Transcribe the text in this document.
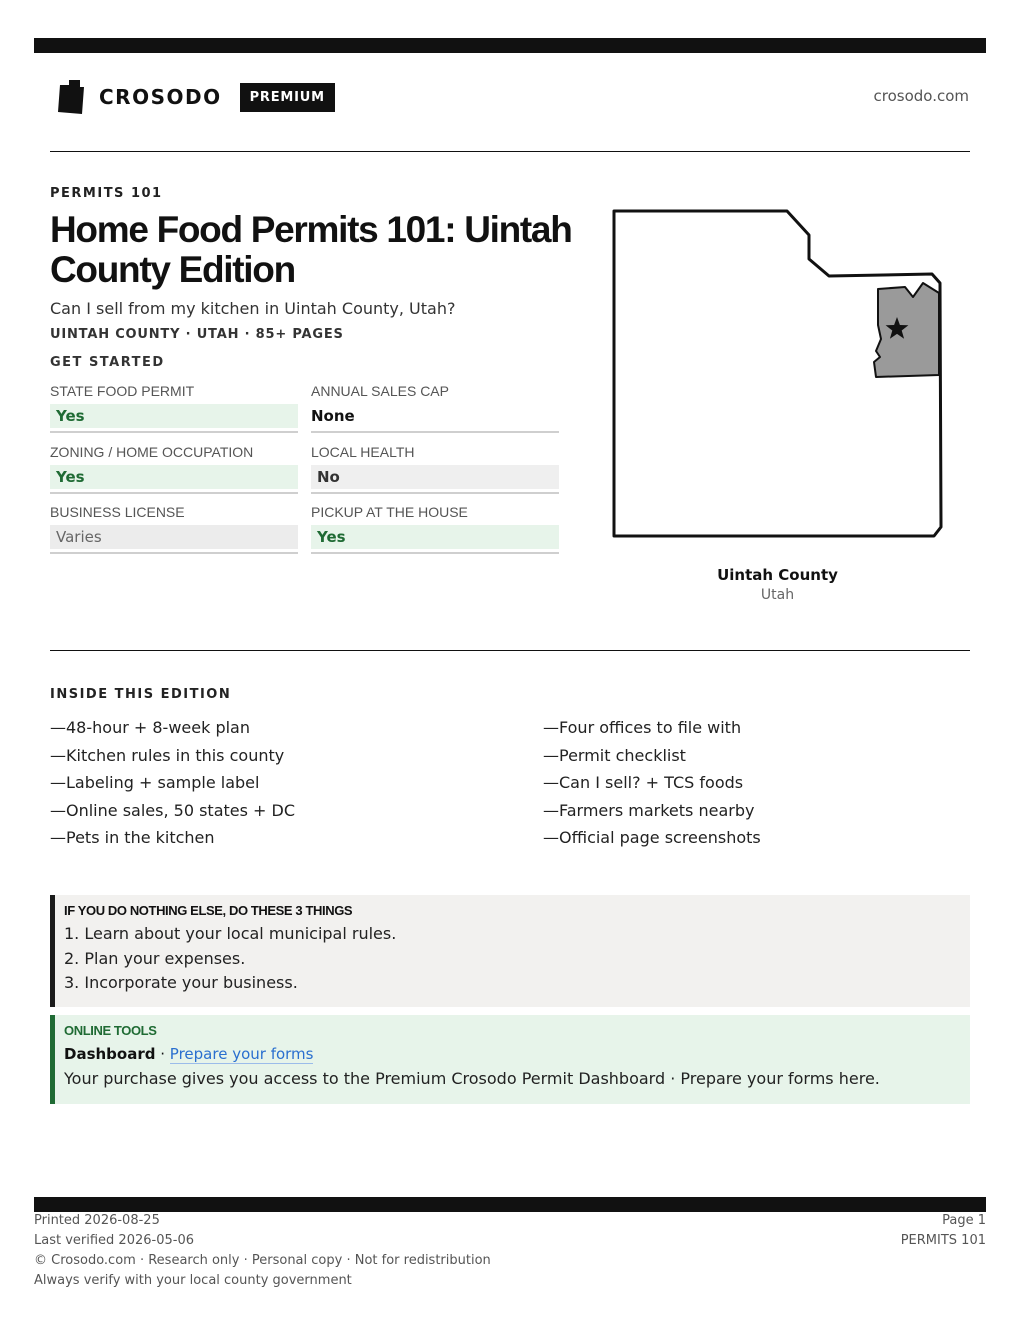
CROSODO	PREMIUM	crosodo.com
PERMITS 101
Home Food Permits 101: Uintah County Edition
Can I sell from my kitchen in Uintah County, Utah?
UINTAH COUNTY · UTAH · 85+ PAGES
GET STARTED
STATE FOOD PERMIT
Yes
ANNUAL SALES CAP
None
ZONING / HOME OCCUPATION
Yes
LOCAL HEALTH
No
BUSINESS LICENSE
Varies
PICKUP AT THE HOUSE
Yes
Uintah County
Utah
INSIDE THIS EDITION
—48-hour + 8-week plan
—Kitchen rules in this county
—Labeling + sample label
—Online sales, 50 states + DC
—Pets in the kitchen
—Four offices to file with
—Permit checklist
—Can I sell? + TCS foods
—Farmers markets nearby
—Official page screenshots
IF YOU DO NOTHING ELSE, DO THESE 3 THINGS
1. Learn about your local municipal rules.
2. Plan your expenses.
3. Incorporate your business.
ONLINE TOOLS
Dashboard · Prepare your forms
Your purchase gives you access to the Premium Crosodo Permit Dashboard · Prepare your forms here.
Printed 2026-08-25
Last verified 2026-05-06
© Crosodo.com · Research only · Personal copy · Not for redistribution
Always verify with your local county government
Page 1
PERMITS 101
